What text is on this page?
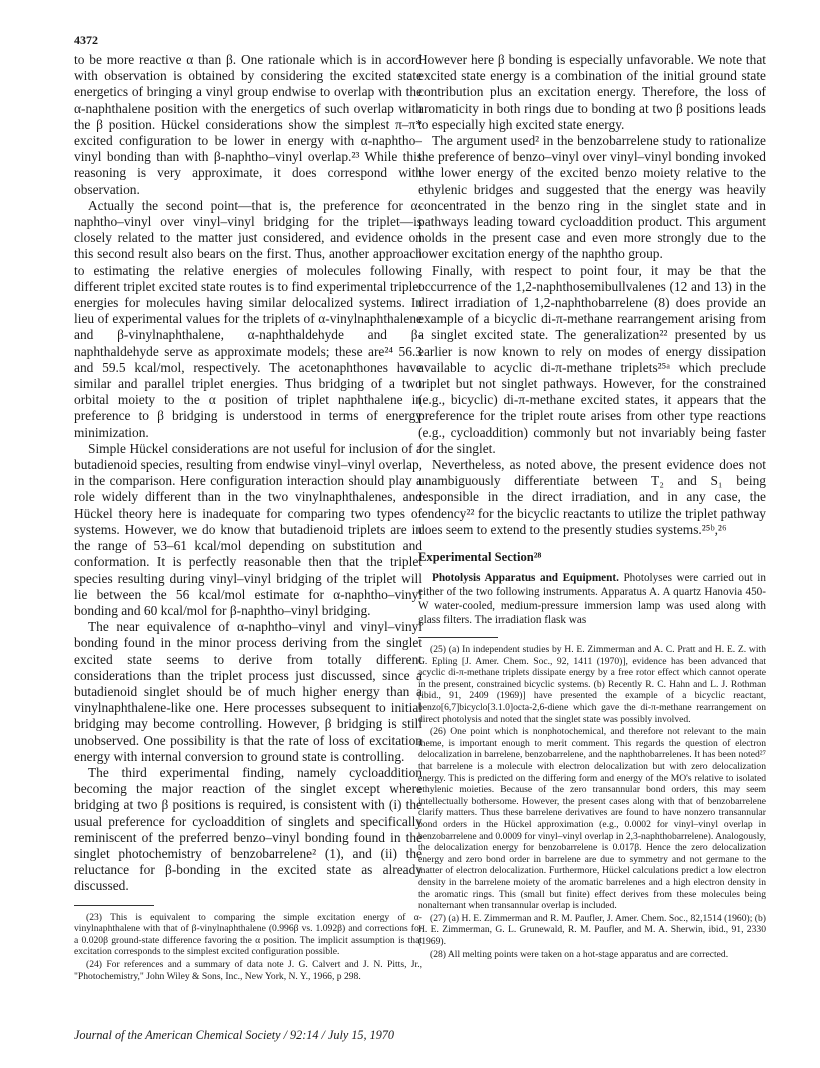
4372

to be more reactive α than β. One rationale which is in accord with observation is obtained by considering the excited state energetics of bringing a vinyl group endwise to overlap with the α-naphthalene position with the energetics of such overlap with the β position. Hückel considerations show the simplest π–π* excited configuration to be lower in energy with α-naphtho–vinyl bonding than with β-naphtho–vinyl overlap.²³ While this reasoning is very approximate, it does correspond with observation.

Actually the second point—that is, the preference for α-naphtho–vinyl over vinyl–vinyl bridging for the triplet—is closely related to the matter just considered, and evidence on this second result also bears on the first. Thus, another approach to estimating the relative energies of molecules following different triplet excited state routes is to find experimental triplet energies for molecules having similar delocalized systems. In lieu of experimental values for the triplets of α-vinylnaphthalene and β-vinylnaphthalene, α-naphthaldehyde and β-naphthaldehyde serve as approximate models; these are²⁴ 56.3 and 59.5 kcal/mol, respectively. The acetonaphthones have similar and parallel triplet energies. Thus bridging of a two orbital moiety to the α position of triplet naphthalene in preference to β bridging is understood in terms of energy minimization.

Simple Hückel considerations are not useful for inclusion of a butadienoid species, resulting from endwise vinyl–vinyl overlap, in the comparison. Here configuration interaction should play a role widely different than in the two vinylnaphthalenes, and Hückel theory here is inadequate for comparing two types of systems. However, we do know that butadienoid triplets are in the range of 53–61 kcal/mol depending on substitution and conformation. It is perfectly reasonable then that the triplet species resulting during vinyl–vinyl bridging of the triplet will lie between the 56 kcal/mol estimate for α-naphtho–vinyl bonding and 60 kcal/mol for β-naphtho–vinyl bridging.

The near equivalence of α-naphtho–vinyl and vinyl–vinyl bonding found in the minor process deriving from the singlet excited state seems to derive from totally different considerations than the triplet process just discussed, since a butadienoid singlet should be of much higher energy than a vinylnaphthalene-like one. Here processes subsequent to initial bridging may become controlling. However, β bridging is still unobserved. One possibility is that the rate of loss of excitation energy with internal conversion to ground state is controlling.

The third experimental finding, namely cycloaddition becoming the major reaction of the singlet except where bridging at two β positions is required, is consistent with (i) the usual preference for cycloaddition of singlets and specifically reminiscent of the preferred benzo–vinyl bonding found in the singlet photochemistry of benzobarrelene² (1), and (ii) the reluctance for β-bonding in the excited state as already discussed.

(23) This is equivalent to comparing the simple excitation energy of α-vinylnaphthalene with that of β-vinylnaphthalene (0.996β vs. 1.092β) and corrections for a 0.020β ground-state difference favoring the α position. The implicit assumption is that excitation corresponds to the simplest excited configuration possible.

(24) For references and a summary of data note J. G. Calvert and J. N. Pitts, Jr., "Photochemistry," John Wiley & Sons, Inc., New York, N. Y., 1966, p 298.

However here β bonding is especially unfavorable. We note that excited state energy is a combination of the initial ground state contribution plus an excitation energy. Therefore, the loss of aromaticity in both rings due to bonding at two β positions leads to especially high excited state energy.

The argument used² in the benzobarrelene study to rationalize the preference of benzo–vinyl over vinyl–vinyl bonding invoked the lower energy of the excited benzo moiety relative to the ethylenic bridges and suggested that the energy was heavily concentrated in the benzo ring in the singlet state and in pathways leading toward cycloaddition product. This argument holds in the present case and even more strongly due to the lower excitation energy of the naphtho group.

Finally, with respect to point four, it may be that the occurrence of the 1,2-naphthosemibullvalenes (12 and 13) in the direct irradiation of 1,2-naphthobarrelene (8) does provide an example of a bicyclic di-π-methane rearrangement arising from a singlet excited state. The generalization²² presented by us earlier is now known to rely on modes of energy dissipation available to acyclic di-π-methane triplets²⁵ᵃ which preclude triplet but not singlet pathways. However, for the constrained (e.g., bicyclic) di-π-methane excited states, it appears that the preference for the triplet route arises from other type reactions (e.g., cycloaddition) commonly but not invariably being faster for the singlet.

Nevertheless, as noted above, the present evidence does not unambiguously differentiate between T₂ and S₁ being responsible in the direct irradiation, and in any case, the tendency²² for the bicyclic reactants to utilize the triplet pathway does seem to extend to the presently studies systems.²⁵ᵇ,²⁶

Experimental Section²⁸

Photolysis Apparatus and Equipment. Photolyses were carried out in either of the two following instruments. Apparatus A. A quartz Hanovia 450-W water-cooled, medium-pressure immersion lamp was used along with glass filters. The irradiation flask was

(25) (a) In independent studies by H. E. Zimmerman and A. C. Pratt and H. E. Z. with G. Epling [J. Amer. Chem. Soc., 92, 1411 (1970)], evidence has been advanced that acyclic di-π-methane triplets dissipate energy by a free rotor effect which cannot operate in the present, constrained bicyclic systems. (b) Recently R. C. Hahn and L. J. Rothman [ibid., 91, 2409 (1969)] have presented the example of a bicyclic reactant, benzo[6,7]bicyclo[3.1.0]octa-2,6-diene which gave the di-π-methane rearrangement on direct photolysis and noted that the singlet state was possibly involved.

(26) One point which is nonphotochemical, and therefore not relevant to the main theme, is important enough to merit comment. This regards the question of electron delocalization in barrelene, benzobarrelene, and the naphthobarrelenes. It has been noted²⁷ that barrelene is a molecule with electron delocalization but with zero delocalization energy. This is predicted on the differing form and energy of the MO's relative to isolated ethylenic moieties. Because of the zero transannular bond orders, this may seem intellectually bothersome. However, the present cases along with that of benzobarrelene clarify matters. Thus these barrelene derivatives are found to have nonzero transannular bond orders in the Hückel approximation (e.g., 0.0002 for vinyl–vinyl overlap in benzobarrelene and 0.0009 for vinyl–vinyl overlap in 2,3-naphthobarrelene). Analogously, the delocalization energy for benzobarrelene is 0.017β. Hence the zero delocalization energy and zero bond order in barrelene are due to symmetry and not germane to the matter of electron delocalization. Furthermore, Hückel calculations predict a low electron density in the barrelene moiety of the aromatic barrelenes and a high electron density in the aromatic rings. This (small but finite) effect derives from these molecules being nonalternant when transannular overlap is included.

(27) (a) H. E. Zimmerman and R. M. Paufler, J. Amer. Chem. Soc., 82,1514 (1960); (b) H. E. Zimmerman, G. L. Grunewald, R. M. Paufler, and M. A. Sherwin, ibid., 91, 2330 (1969).

(28) All melting points were taken on a hot-stage apparatus and are corrected.

Journal of the American Chemical Society / 92:14 / July 15, 1970
